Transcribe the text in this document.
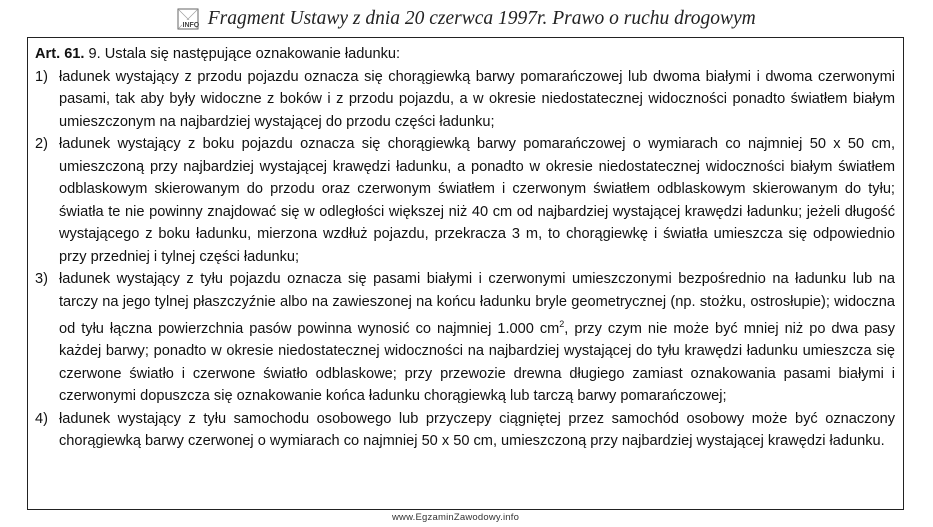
INFO Fragment Ustawy z dnia 20 czerwca 1997r. Prawo o ruchu drogowym
Art. 61. 9. Ustala się następujące oznakowanie ładunku:
1) ładunek wystający z przodu pojazdu oznacza się chorągiewką barwy pomarańczowej lub dwoma białymi i dwoma czerwonymi pasami, tak aby były widoczne z boków i z przodu pojazdu, a w okresie niedostatecznej widoczności ponadto światłem białym umieszczonym na najbardziej wystającej do przodu części ładunku;
2) ładunek wystający z boku pojazdu oznacza się chorągiewką barwy pomarańczowej o wymiarach co najmniej 50 x 50 cm, umieszczoną przy najbardziej wystającej krawędzi ładunku, a ponadto w okresie niedostatecznej widoczności białym światłem odblaskowym skierowanym do przodu oraz czerwonym światłem i czerwonym światłem odblaskowym skierowanym do tyłu; światła te nie powinny znajdować się w odległości większej niż 40 cm od najbardziej wystającej krawędzi ładunku; jeżeli długość wystającego z boku ładunku, mierzona wzdłuż pojazdu, przekracza 3 m, to chorągiewkę i światła umieszcza się odpowiednio przy przedniej i tylnej części ładunku;
3) ładunek wystający z tyłu pojazdu oznacza się pasami białymi i czerwonymi umieszczonymi bezpośrednio na ładunku lub na tarczy na jego tylnej płaszczyźnie albo na zawieszonej na końcu ładunku bryle geometrycznej (np. stożku, ostrosłupie); widoczna od tyłu łączna powierzchnia pasów powinna wynosić co najmniej 1.000 $cm^2$, przy czym nie może być mniej niż po dwa pasy każdej barwy; ponadto w okresie niedostatecznej widoczności na najbardziej wystającej do tyłu krawędzi ładunku umieszcza się czerwone światło i czerwone światło odblaskowe; przy przewozie drewna długiego zamiast oznakowania pasami białymi i czerwonymi dopuszcza się oznakowanie końca ładunku chorągiewką lub tarczą barwy pomarańczowej;
4) ładunek wystający z tyłu samochodu osobowego lub przyczepy ciągniętej przez samochód osobowy może być oznaczony chorągiewką barwy czerwonej o wymiarach co najmniej 50 x 50 cm, umieszczoną przy najbardziej wystającej krawędzi ładunku.
www.EgzaminZawodowy.info
